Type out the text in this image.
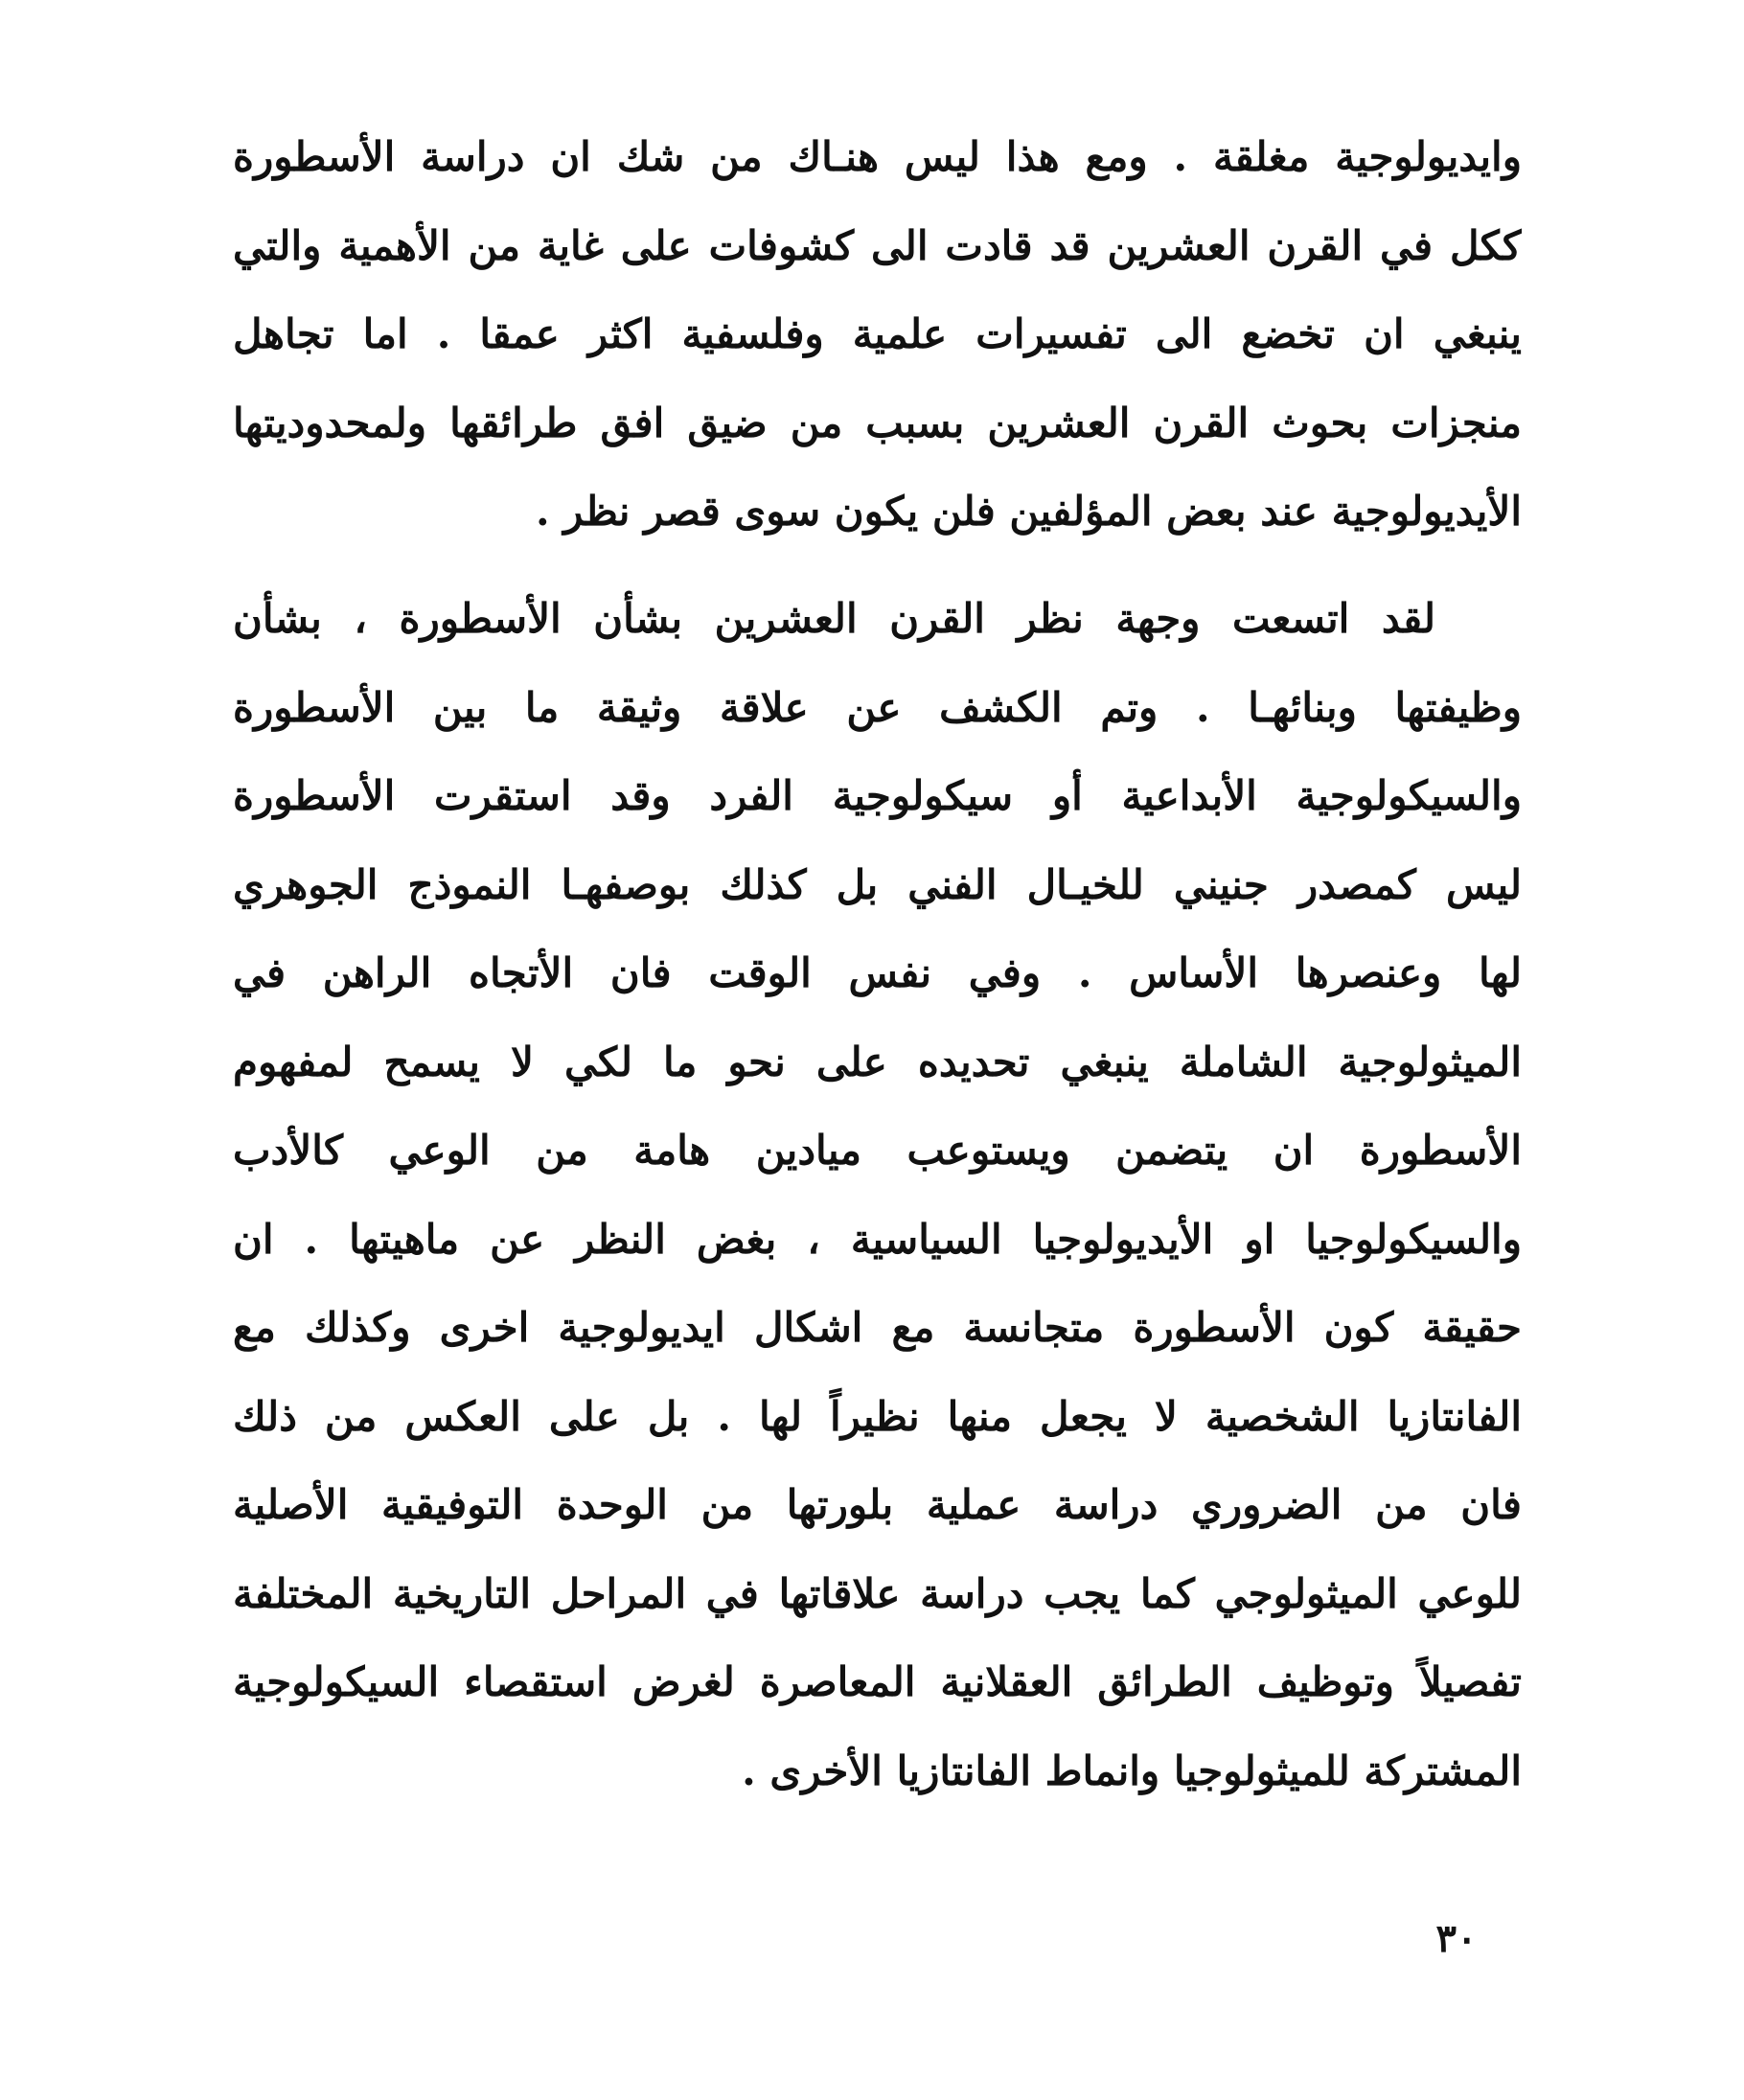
وايديولوجية مغلقة . ومع هذا ليس هنـاك من شك ان دراسة الأسطورة
ككل في القرن العشرين قد قادت الى كشوفات على غاية من الأهمية والتي
ينبغي ان تخضع الى تفسيرات علمية وفلسفية اكثر عمقا . اما تجاهل
منجزات بحوث القرن العشرين بسبب من ضيق افق طرائقها ولمحدوديتها
الأيديولوجية عند بعض المؤلفين فلن يكون سوى قصر نظر .
لقد اتسعت وجهة نظر القرن العشرين بشأن الأسطورة ، بشأن
وظيفتها وبنائهـا . وتم الكشف عن علاقة وثيقة ما بين الأسطورة
والسيكولوجية الأبداعية أو سيكولوجية الفرد وقد استقرت الأسطورة
ليس كمصدر جنيني للخيـال الفني بل كذلك بوصفهـا النموذج الجوهري
لها وعنصرها الأساس . وفي نفس الوقت فان الأتجاه الراهن في
الميثولوجية الشاملة ينبغي تحديده على نحو ما لكي لا يسمح لمفهوم
الأسطورة ان يتضمن ويستوعب ميادين هامة من الوعي كالأدب
والسيكولوجيا او الأيديولوجيا السياسية ، بغض النظر عن ماهيتها . ان
حقيقة كون الأسطورة متجانسة مع اشكال ايديولوجية اخرى وكذلك مع
الفانتازيا الشخصية لا يجعل منها نظيراً لها . بل على العكس من ذلك
فان من الضروري دراسة عملية بلورتها من الوحدة التوفيقية الأصلية
للوعي الميثولوجي كما يجب دراسة علاقاتها في المراحل التاريخية المختلفة
تفصيلاً وتوظيف الطرائق العقلانية المعاصرة لغرض استقصاء السيكولوجية
المشتركة للميثولوجيا وانماط الفانتازيا الأخرى .
٣٠
